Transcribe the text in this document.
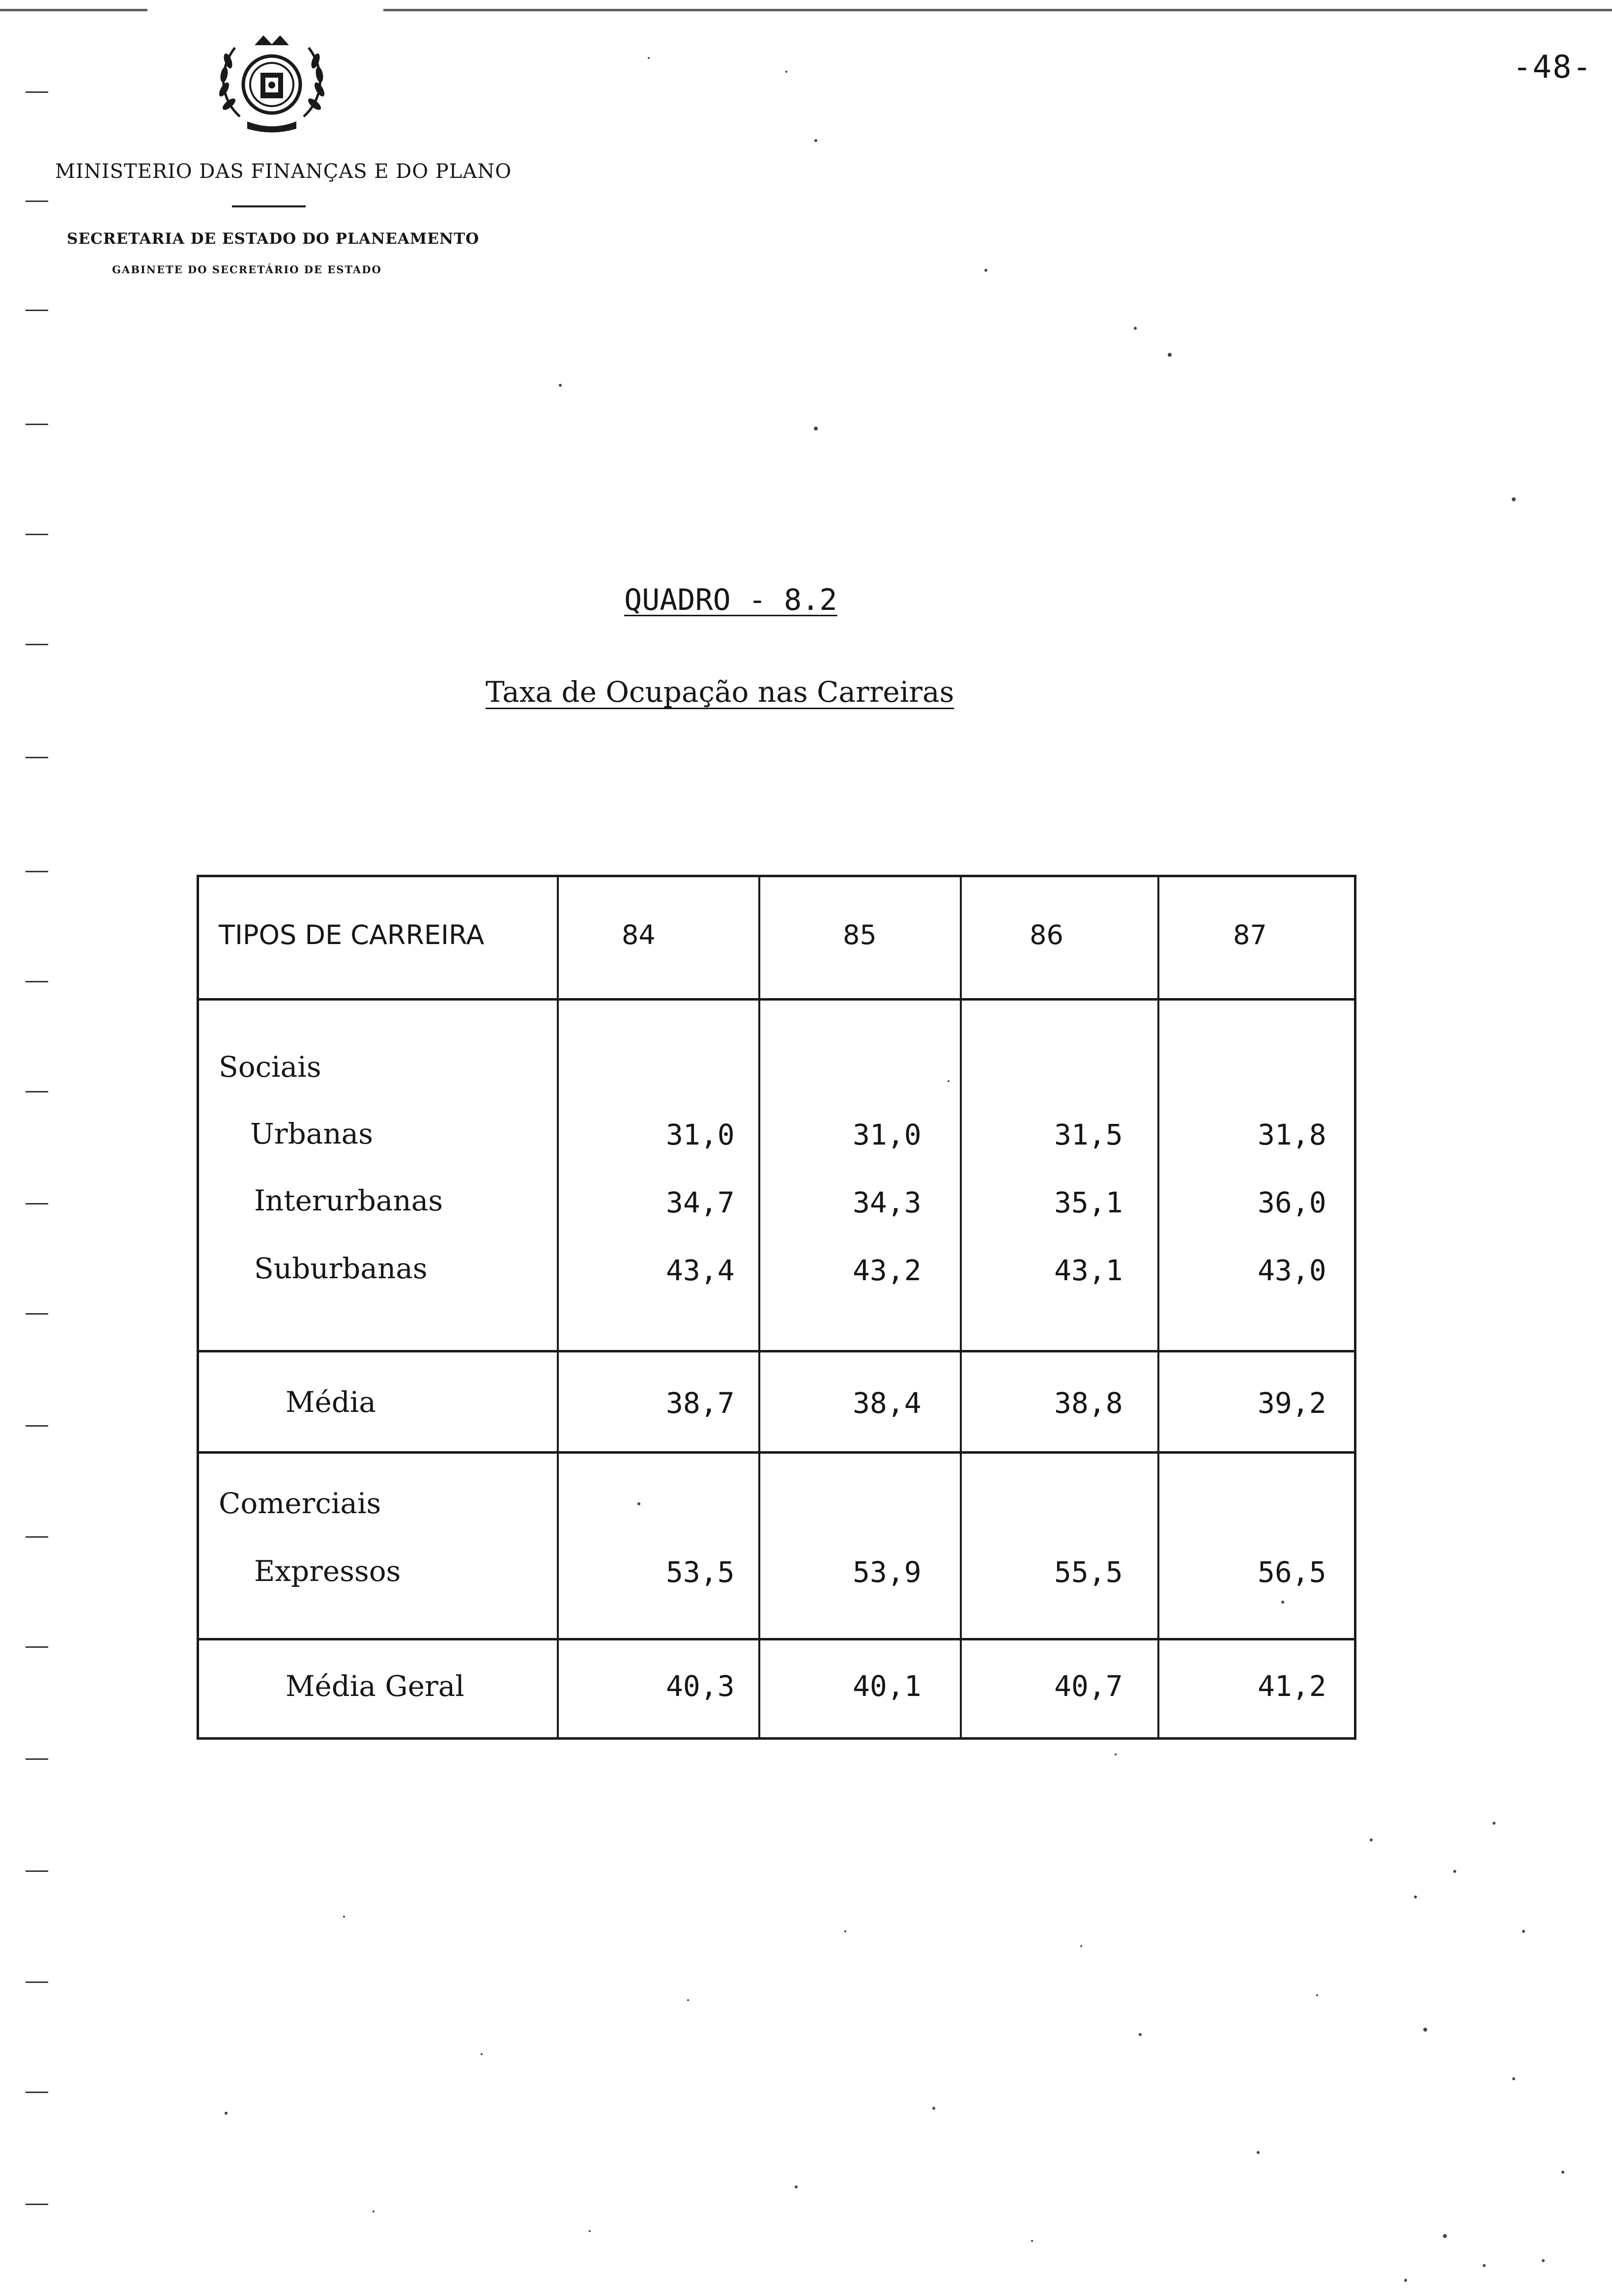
-48-
MINISTERIO DAS FINANÇAS E DO PLANO
SECRETARIA DE ESTADO DO PLANEAMENTO
GABINETE DO SECRETÁRIO DE ESTADO
QUADRO - 8.2
Taxa de Ocupação nas Carreiras
TIPOS DE CARREIRA	84	85	86	87
Sociais
Urbanas	31,0	31,0	31,5	31,8
Interurbanas	34,7	34,3	35,1	36,0
Suburbanas	43,4	43,2	43,1	43,0
Média	38,7	38,4	38,8	39,2
Comerciais
Expressos	53,5	53,9	55,5	56,5
Média Geral	40,3	40,1	40,7	41,2
